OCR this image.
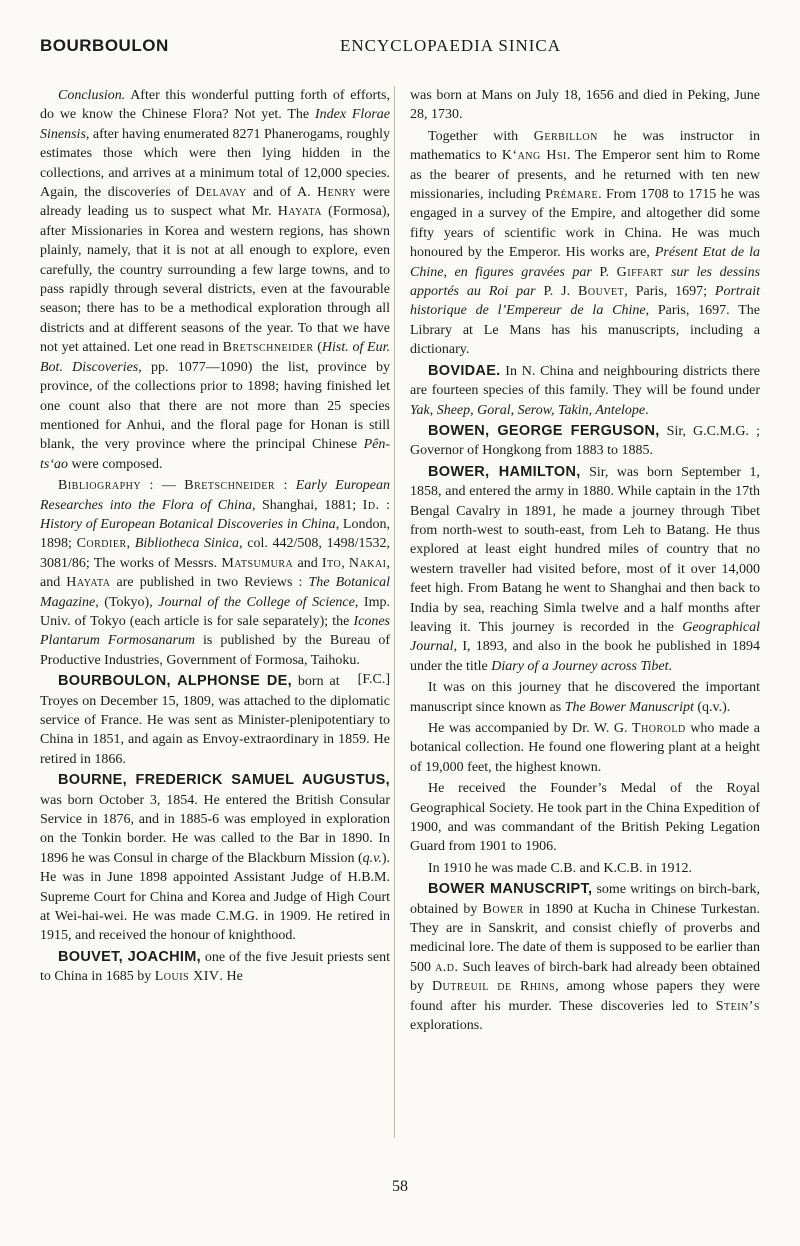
BOURBOULON	ENCYCLOPAEDIA SINICA

Conclusion. After this wonderful putting forth of efforts, do we know the Chinese Flora? Not yet. The Index Florae Sinensis, after having enumerated 8271 Phanerogams, roughly estimates those which were then lying hidden in the collections, and arrives at a minimum total of 12,000 species. Again, the discoveries of Delavay and of A. Henry were already leading us to suspect what Mr. Hayata (Formosa), after Missionaries in Korea and western regions, has shown plainly, namely, that it is not at all enough to explore, even carefully, the country surrounding a few large towns, and to pass rapidly through several districts, even at the favourable season; there has to be a methodical exploration through all districts and at different seasons of the year. To that we have not yet attained. Let one read in Bretschneider (Hist. of Eur. Bot. Discoveries, pp. 1077—1090) the list, province by province, of the collections prior to 1898; having finished let one count also that there are not more than 25 species mentioned for Anhui, and the floral page for Honan is still blank, the very province where the principal Chinese Pên-ts‘ao were composed.

Bibliography : — Bretschneider : Early European Researches into the Flora of China, Shanghai, 1881; Id. : History of European Botanical Discoveries in China, London, 1898; Cordier, Bibliotheca Sinica, col. 442/508, 1498/1532, 3081/86; The works of Messrs. Matsumura and Ito, Nakai, and Hayata are published in two Reviews : The Botanical Magazine, (Tokyo), Journal of the College of Science, Imp. Univ. of Tokyo (each article is for sale separately); the Icones Plantarum Formosanarum is published by the Bureau of Productive Industries, Government of Formosa, Taihoku.
[F.C.]

BOURBOULON, ALPHONSE DE, born at Troyes on December 15, 1809, was attached to the diplomatic service of France. He was sent as Minister-plenipotentiary to China in 1851, and again as Envoy-extraordinary in 1859. He retired in 1866.

BOURNE, FREDERICK SAMUEL AUGUSTUS, was born October 3, 1854. He entered the British Consular Service in 1876, and in 1885-6 was employed in exploration on the Tonkin border. He was called to the Bar in 1890. In 1896 he was Consul in charge of the Blackburn Mission (q.v.). He was in June 1898 appointed Assistant Judge of H.B.M. Supreme Court for China and Korea and Judge of High Court at Wei-hai-wei. He was made C.M.G. in 1909. He retired in 1915, and received the honour of knighthood.

BOUVET, JOACHIM, one of the five Jesuit priests sent to China in 1685 by Louis XIV. He

was born at Mans on July 18, 1656 and died in Peking, June 28, 1730.

Together with Gerbillon he was instructor in mathematics to K‘ang Hsi. The Emperor sent him to Rome as the bearer of presents, and he returned with ten new missionaries, including Prémare. From 1708 to 1715 he was engaged in a survey of the Empire, and altogether did some fifty years of scientific work in China. He was much honoured by the Emperor. His works are, Présent Etat de la Chine, en figures gravées par P. Giffart sur les dessins apportés au Roi par P. J. Bouvet, Paris, 1697; Portrait historique de l’Empereur de la Chine, Paris, 1697. The Library at Le Mans has his manuscripts, including a dictionary.

BOVIDAE. In N. China and neighbouring districts there are fourteen species of this family. They will be found under Yak, Sheep, Goral, Serow, Takin, Antelope.

BOWEN, GEORGE FERGUSON, Sir, G.C.M.G. ; Governor of Hongkong from 1883 to 1885.

BOWER, HAMILTON, Sir, was born September 1, 1858, and entered the army in 1880. While captain in the 17th Bengal Cavalry in 1891, he made a journey through Tibet from north-west to south-east, from Leh to Batang. He thus explored at least eight hundred miles of country that no western traveller had visited before, most of it over 14,000 feet high. From Batang he went to Shanghai and then back to India by sea, reaching Simla twelve and a half months after leaving it. This journey is recorded in the Geographical Journal, I, 1893, and also in the book he published in 1894 under the title Diary of a Journey across Tibet.

It was on this journey that he discovered the important manuscript since known as The Bower Manuscript (q.v.).

He was accompanied by Dr. W. G. Thorold who made a botanical collection. He found one flowering plant at a height of 19,000 feet, the highest known.

He received the Founder’s Medal of the Royal Geographical Society. He took part in the China Expedition of 1900, and was commandant of the British Peking Legation Guard from 1901 to 1906.

In 1910 he was made C.B. and K.C.B. in 1912.

BOWER MANUSCRIPT, some writings on birch-bark, obtained by Bower in 1890 at Kucha in Chinese Turkestan. They are in Sanskrit, and consist chiefly of proverbs and medicinal lore. The date of them is supposed to be earlier than 500 a.d. Such leaves of birch-bark had already been obtained by Dutreuil de Rhins, among whose papers they were found after his murder. These discoveries led to Stein’s explorations.

58
